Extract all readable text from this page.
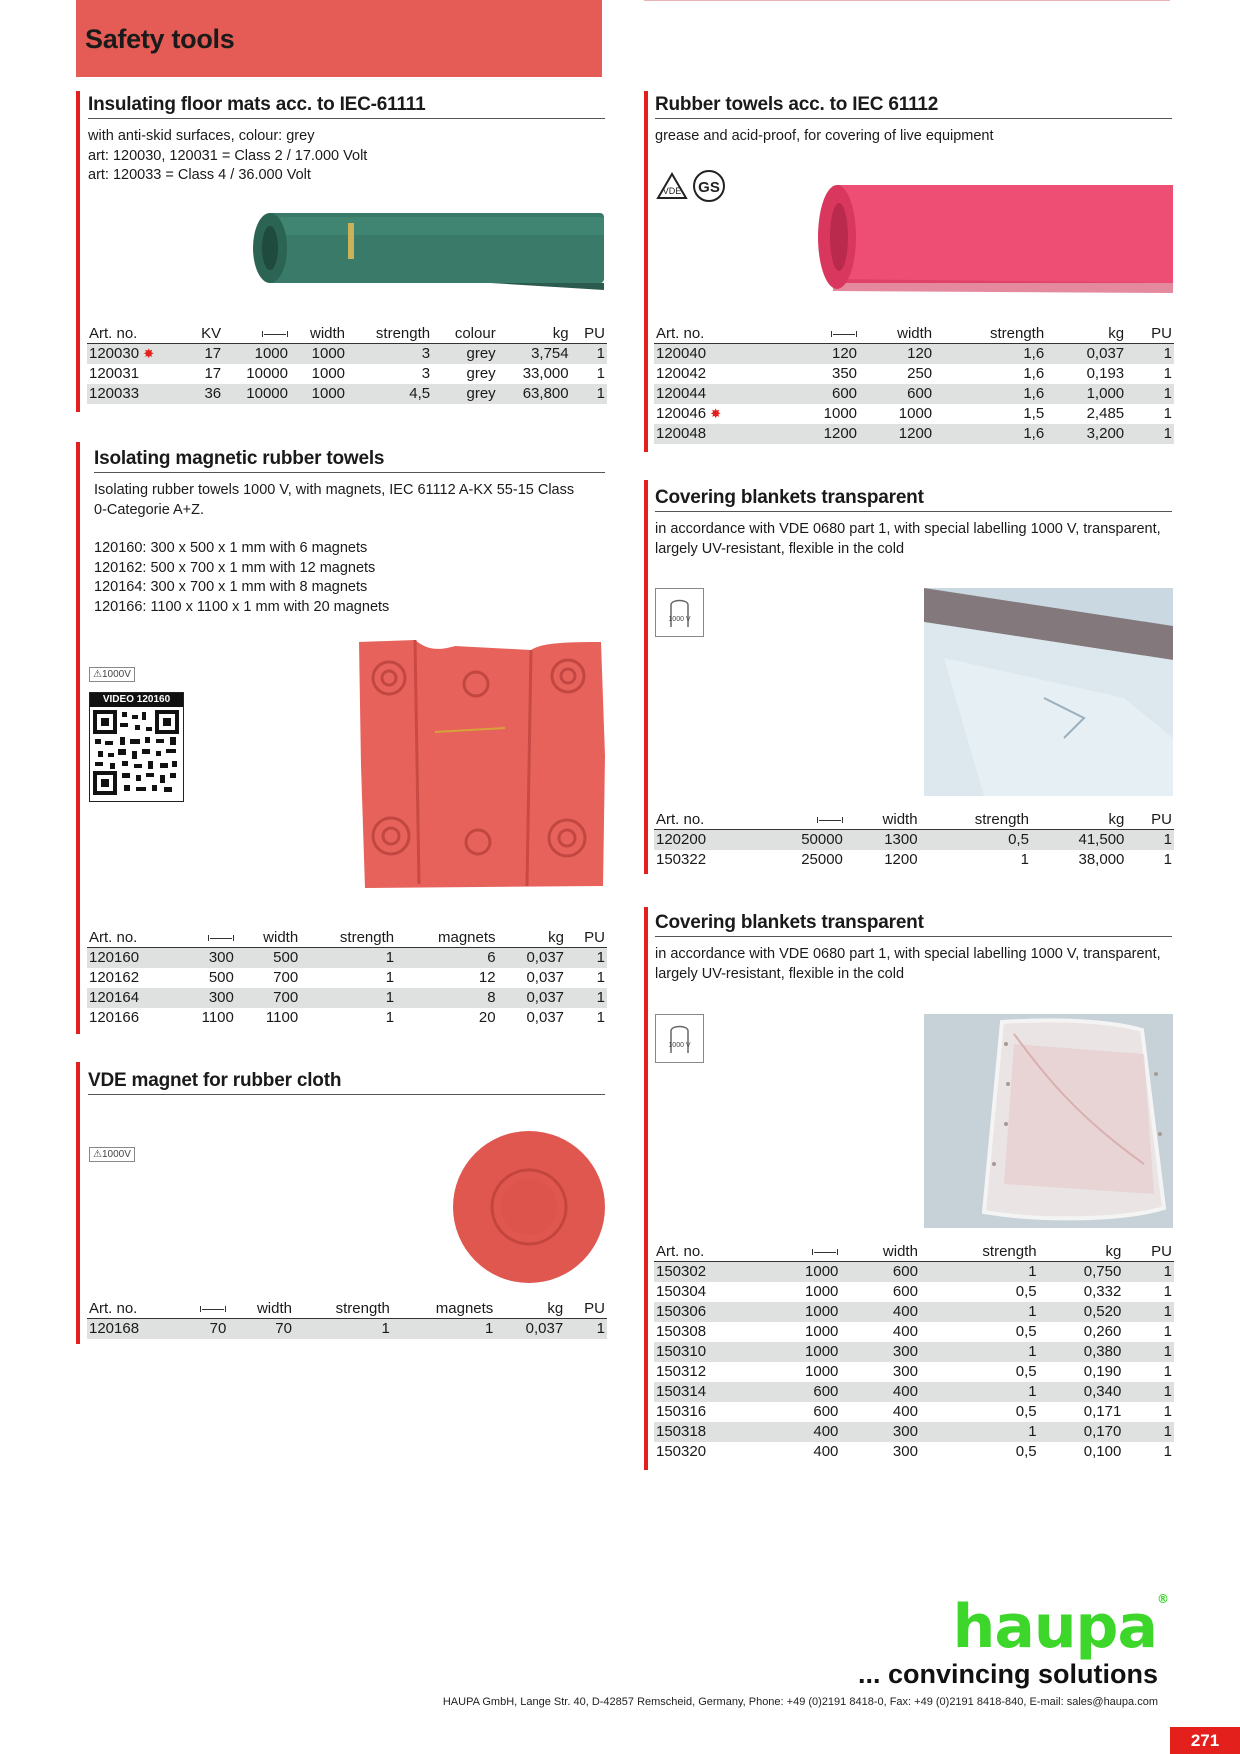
Safety tools
Insulating floor mats acc. to IEC-61111
with anti-skid surfaces, colour: grey
art: 120030, 120031 = Class 2 / 17.000 Volt
art: 120033 = Class 4 / 36.000 Volt
Art. no.	KV		width	strength	colour	kg	PU
120030 ✸	17	1000	1000	3	grey	3,754	1
120031	17	10000	1000	3	grey	33,000	1
120033	36	10000	1000	4,5	grey	63,800	1
Isolating magnetic rubber towels
Isolating rubber towels 1000 V, with magnets, IEC 61112 A-KX 55-15 Class
0-Categorie A+Z.
120160: 300 x 500 x 1 mm with 6 magnets
120162: 500 x 700 x 1 mm with 12 magnets
120164: 300 x 700 x 1 mm with 8 magnets
120166: 1100 x 1100 x 1 mm with 20 magnets
⚠1000V
VIDEO 120160
Art. no.		width	strength	magnets	kg	PU
120160	300	500	1	6	0,037	1
120162	500	700	1	12	0,037	1
120164	300	700	1	8	0,037	1
120166	1100	1100	1	20	0,037	1
VDE magnet for rubber cloth
⚠1000V
Art. no.		width	strength	magnets	kg	PU
120168	70	70	1	1	0,037	1
Rubber towels acc. to IEC 61112
grease and acid-proof, for covering of live equipment
VDE GS
Art. no.		width	strength	kg	PU
120040	120	120	1,6	0,037	1
120042	350	250	1,6	0,193	1
120044	600	600	1,6	1,000	1
120046 ✸	1000	1000	1,5	2,485	1
120048	1200	1200	1,6	3,200	1
Covering blankets transparent
in accordance with VDE 0680 part 1, with special labelling 1000 V, transparent,
largely UV-resistant, flexible in the cold
1000 V
Art. no.		width	strength	kg	PU
120200	50000	1300	0,5	41,500	1
150322	25000	1200	1	38,000	1
Covering blankets transparent
in accordance with VDE 0680 part 1, with special labelling 1000 V, transparent,
largely UV-resistant, flexible in the cold
1000 V
Art. no.		width	strength	kg	PU
150302	1000	600	1	0,750	1
150304	1000	600	0,5	0,332	1
150306	1000	400	1	0,520	1
150308	1000	400	0,5	0,260	1
150310	1000	300	1	0,380	1
150312	1000	300	0,5	0,190	1
150314	600	400	1	0,340	1
150316	600	400	0,5	0,171	1
150318	400	300	1	0,170	1
150320	400	300	0,5	0,100	1
haupa®
... convincing solutions
HAUPA GmbH, Lange Str. 40, D-42857 Remscheid, Germany, Phone: +49 (0)2191 8418-0, Fax: +49 (0)2191 8418-840, E-mail: sales@haupa.com
271
